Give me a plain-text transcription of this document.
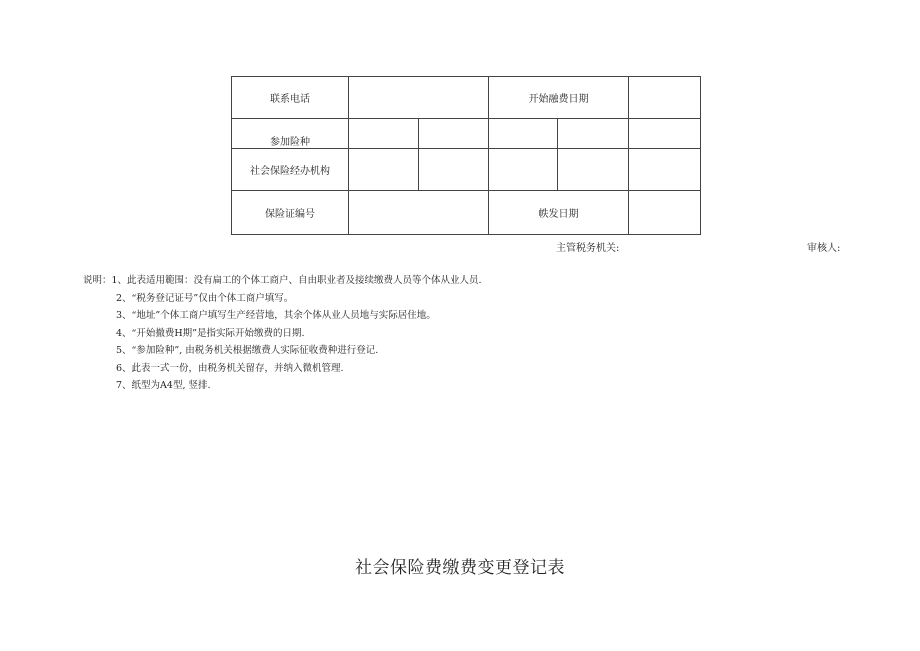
联系电话			开始融费日期		

参加险种					

社会保险经办机构					
保险证编号			帙发日期		
主管税务机关:	审核人:
说明：1、此表适用範围：没有扁工的个体工商户、自由职业者及接续缴费人员等个体从业人员.
2、“税务登记证号”仅由个体工商户填写。
3、“地址”个体工商户填写生产经营地，其余个体从业人员地与实际居住地。
4、“开始撤费H期”是指实际开始缴费的日期.
5、“参加险种”, 由税务机关根据缴费人实际征收费种进行登记.
6、此表一式一份，由税务机关留存，并纳入微机管理.
7、纸型为A4型, 竖排.
社会保险费缴费变更登记表
